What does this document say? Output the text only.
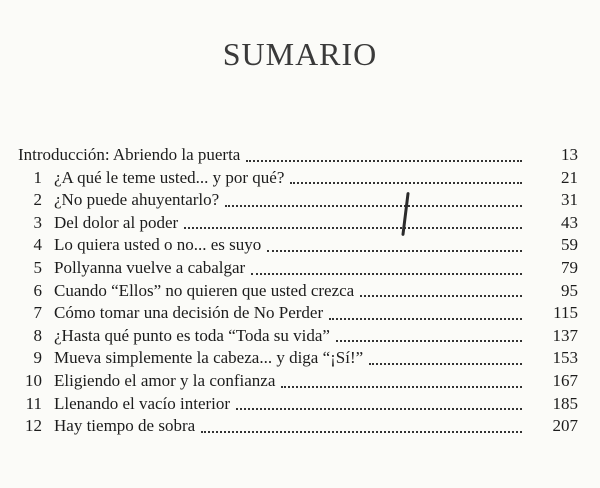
SUMARIO
Introducción: Abriendo la puerta	13
1 ¿A qué le teme usted... y por qué?	21
2 ¿No puede ahuyentarlo?	31
3 Del dolor al poder	43
4 Lo quiera usted o no... es suyo	59
5 Pollyanna vuelve a cabalgar	79
6 Cuando “Ellos” no quieren que usted crezca	95
7 Cómo tomar una decisión de No Perder	115
8 ¿Hasta qué punto es toda “Toda su vida”	137
9 Mueva simplemente la cabeza... y diga “¡Sí!”	153
10 Eligiendo el amor y la confianza	167
11 Llenando el vacío interior	185
12 Hay tiempo de sobra	207
